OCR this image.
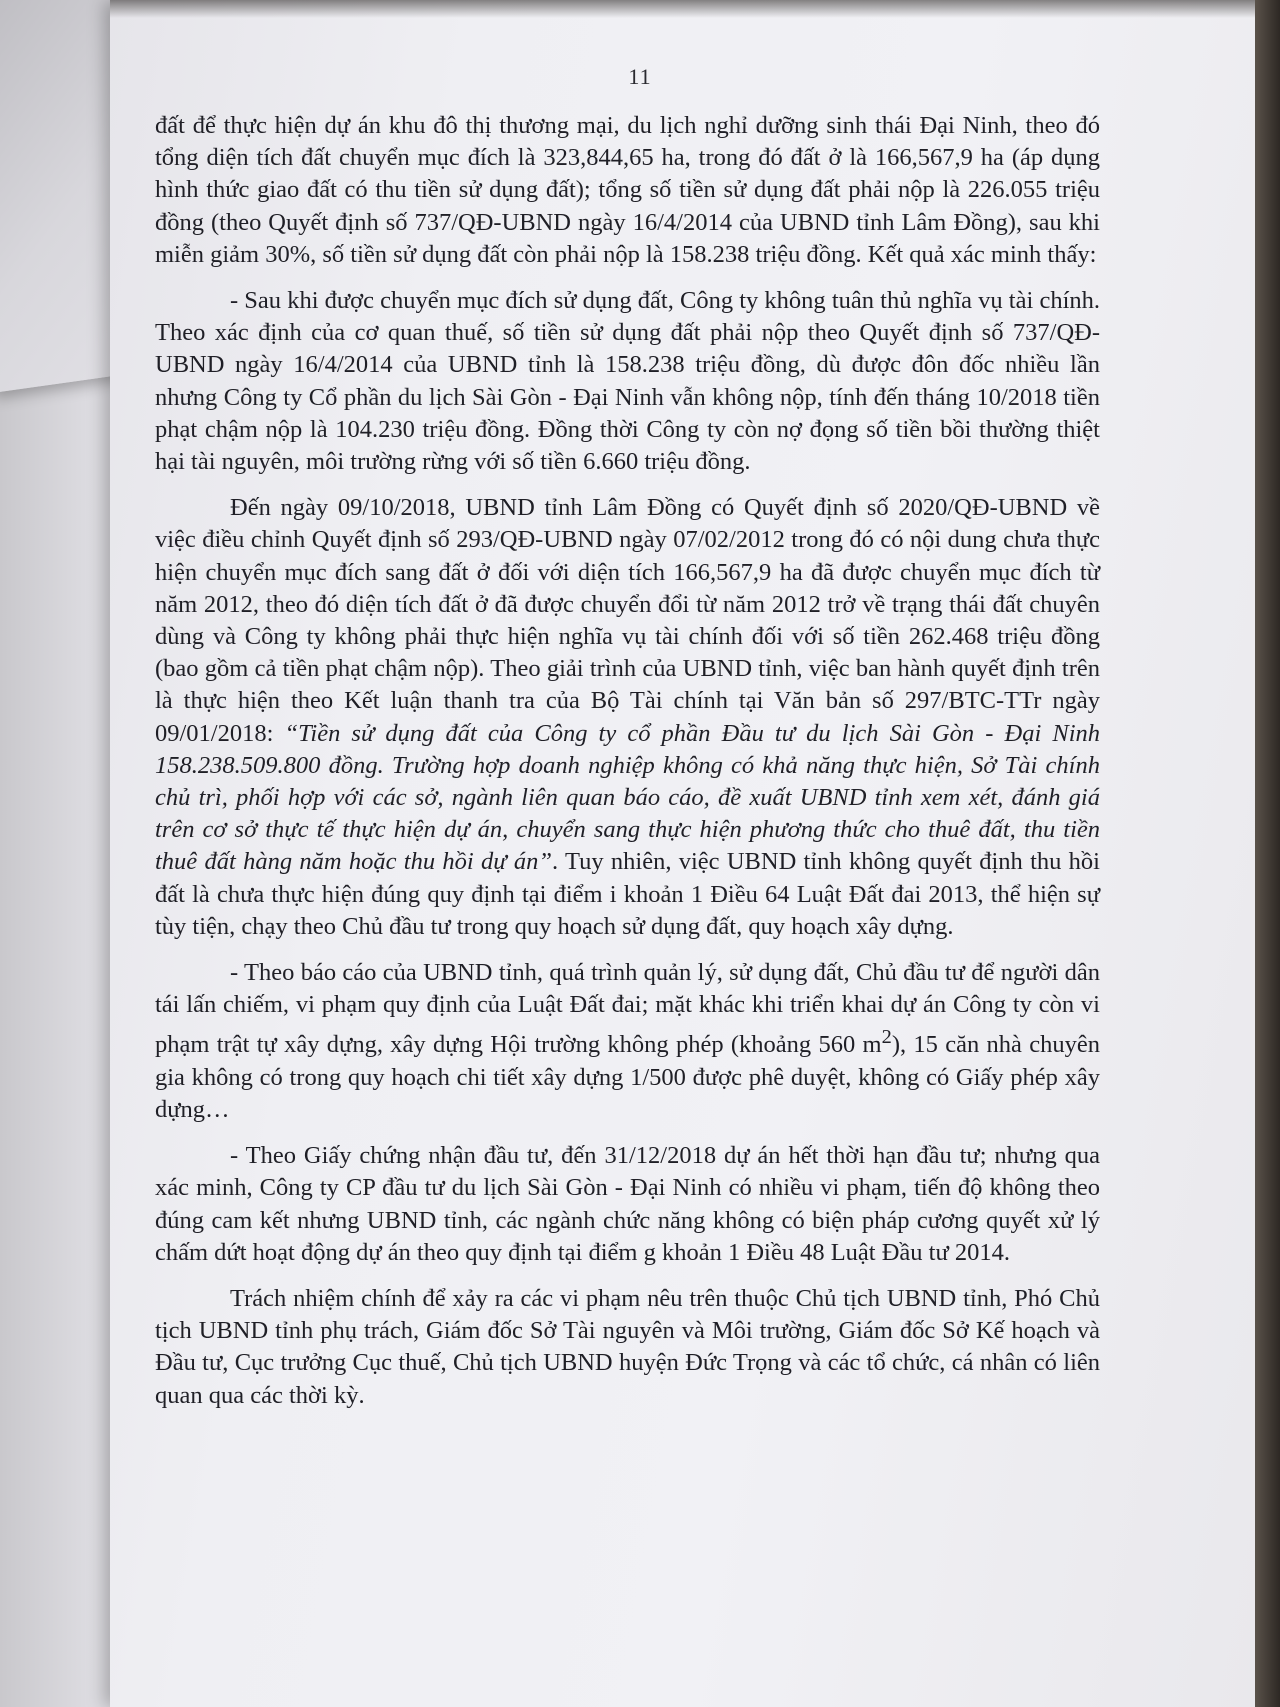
11

đất để thực hiện dự án khu đô thị thương mại, du lịch nghỉ dưỡng sinh thái Đại Ninh, theo đó tổng diện tích đất chuyển mục đích là 323,844,65 ha, trong đó đất ở là 166,567,9 ha (áp dụng hình thức giao đất có thu tiền sử dụng đất); tổng số tiền sử dụng đất phải nộp là 226.055 triệu đồng (theo Quyết định số 737/QĐ-UBND ngày 16/4/2014 của UBND tỉnh Lâm Đồng), sau khi miễn giảm 30%, số tiền sử dụng đất còn phải nộp là 158.238 triệu đồng. Kết quả xác minh thấy:

- Sau khi được chuyển mục đích sử dụng đất, Công ty không tuân thủ nghĩa vụ tài chính. Theo xác định của cơ quan thuế, số tiền sử dụng đất phải nộp theo Quyết định số 737/QĐ-UBND ngày 16/4/2014 của UBND tỉnh là 158.238 triệu đồng, dù được đôn đốc nhiều lần nhưng Công ty Cổ phần du lịch Sài Gòn - Đại Ninh vẫn không nộp, tính đến tháng 10/2018 tiền phạt chậm nộp là 104.230 triệu đồng. Đồng thời Công ty còn nợ đọng số tiền bồi thường thiệt hại tài nguyên, môi trường rừng với số tiền 6.660 triệu đồng.

Đến ngày 09/10/2018, UBND tỉnh Lâm Đồng có Quyết định số 2020/QĐ-UBND về việc điều chỉnh Quyết định số 293/QĐ-UBND ngày 07/02/2012 trong đó có nội dung chưa thực hiện chuyển mục đích sang đất ở đối với diện tích 166,567,9 ha đã được chuyển mục đích từ năm 2012, theo đó diện tích đất ở đã được chuyển đổi từ năm 2012 trở về trạng thái đất chuyên dùng và Công ty không phải thực hiện nghĩa vụ tài chính đối với số tiền 262.468 triệu đồng (bao gồm cả tiền phạt chậm nộp). Theo giải trình của UBND tỉnh, việc ban hành quyết định trên là thực hiện theo Kết luận thanh tra của Bộ Tài chính tại Văn bản số 297/BTC-TTr ngày 09/01/2018: “Tiền sử dụng đất của Công ty cổ phần Đầu tư du lịch Sài Gòn - Đại Ninh 158.238.509.800 đồng. Trường hợp doanh nghiệp không có khả năng thực hiện, Sở Tài chính chủ trì, phối hợp với các sở, ngành liên quan báo cáo, đề xuất UBND tỉnh xem xét, đánh giá trên cơ sở thực tế thực hiện dự án, chuyển sang thực hiện phương thức cho thuê đất, thu tiền thuê đất hàng năm hoặc thu hồi dự án”. Tuy nhiên, việc UBND tỉnh không quyết định thu hồi đất là chưa thực hiện đúng quy định tại điểm i khoản 1 Điều 64 Luật Đất đai 2013, thể hiện sự tùy tiện, chạy theo Chủ đầu tư trong quy hoạch sử dụng đất, quy hoạch xây dựng.

- Theo báo cáo của UBND tỉnh, quá trình quản lý, sử dụng đất, Chủ đầu tư để người dân tái lấn chiếm, vi phạm quy định của Luật Đất đai; mặt khác khi triển khai dự án Công ty còn vi phạm trật tự xây dựng, xây dựng Hội trường không phép (khoảng 560 $m^2$), 15 căn nhà chuyên gia không có trong quy hoạch chi tiết xây dựng 1/500 được phê duyệt, không có Giấy phép xây dựng…

- Theo Giấy chứng nhận đầu tư, đến 31/12/2018 dự án hết thời hạn đầu tư; nhưng qua xác minh, Công ty CP đầu tư du lịch Sài Gòn - Đại Ninh có nhiều vi phạm, tiến độ không theo đúng cam kết nhưng UBND tỉnh, các ngành chức năng không có biện pháp cương quyết xử lý chấm dứt hoạt động dự án theo quy định tại điểm g khoản 1 Điều 48 Luật Đầu tư 2014.

Trách nhiệm chính để xảy ra các vi phạm nêu trên thuộc Chủ tịch UBND tỉnh, Phó Chủ tịch UBND tỉnh phụ trách, Giám đốc Sở Tài nguyên và Môi trường, Giám đốc Sở Kế hoạch và Đầu tư, Cục trưởng Cục thuế, Chủ tịch UBND huyện Đức Trọng và các tổ chức, cá nhân có liên quan qua các thời kỳ.
